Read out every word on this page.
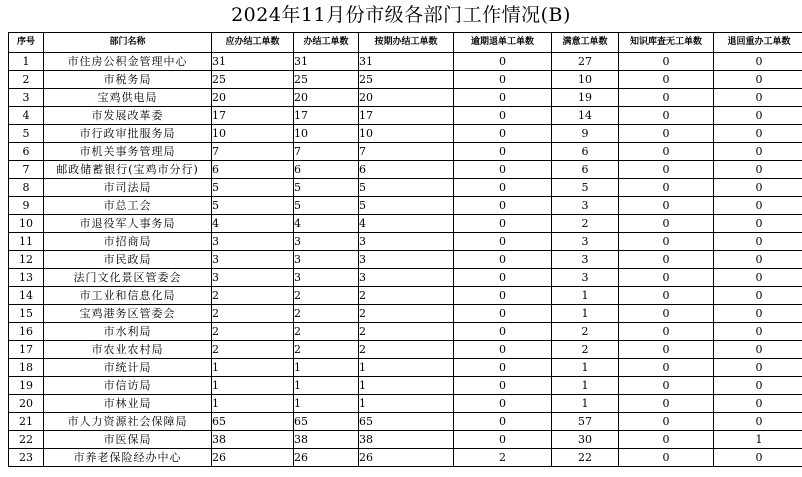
2024年11月份市级各部门工作情况(B)
序号	部门名称	应办结工单数	办结工单数	按期办结工单数	逾期退单工单数	满意工单数	知识库查无工单数	退回重办工单数
1	市住房公积金管理中心	31	31	31	0	27	0	0
2	市税务局	25	25	25	0	10	0	0
3	宝鸡供电局	20	20	20	0	19	0	0
4	市发展改革委	17	17	17	0	14	0	0
5	市行政审批服务局	10	10	10	0	9	0	0
6	市机关事务管理局	7	7	7	0	6	0	0
7	邮政储蓄银行(宝鸡市分行)	6	6	6	0	6	0	0
8	市司法局	5	5	5	0	5	0	0
9	市总工会	5	5	5	0	3	0	0
10	市退役军人事务局	4	4	4	0	2	0	0
11	市招商局	3	3	3	0	3	0	0
12	市民政局	3	3	3	0	3	0	0
13	法门文化景区管委会	3	3	3	0	3	0	0
14	市工业和信息化局	2	2	2	0	1	0	0
15	宝鸡港务区管委会	2	2	2	0	1	0	0
16	市水利局	2	2	2	0	2	0	0
17	市农业农村局	2	2	2	0	2	0	0
18	市统计局	1	1	1	0	1	0	0
19	市信访局	1	1	1	0	1	0	0
20	市林业局	1	1	1	0	1	0	0
21	市人力资源社会保障局	65	65	65	0	57	0	0
22	市医保局	38	38	38	0	30	0	1
23	市养老保险经办中心	26	26	26	2	22	0	0
